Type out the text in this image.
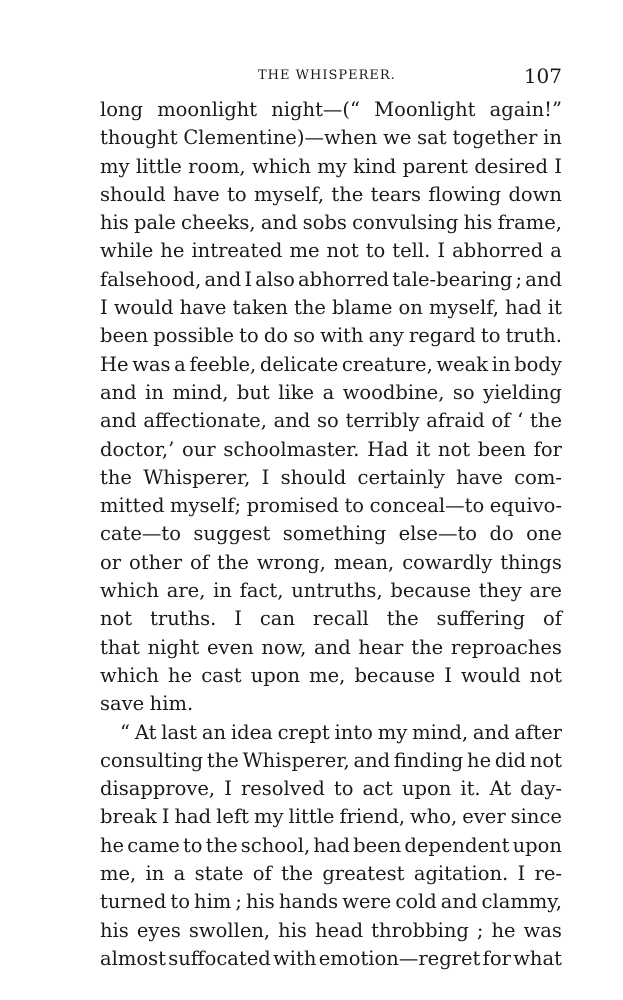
THE WHISPERER.	107
long moonlight night—(“ Moonlight again!”
thought Clementine)—when we sat together in
my little room, which my kind parent desired I
should have to myself, the tears flowing down
his pale cheeks, and sobs convulsing his frame,
while he intreated me not to tell. I abhorred a
falsehood, and I also abhorred tale-bearing ; and
I would have taken the blame on myself, had it
been possible to do so with any regard to truth.
He was a feeble, delicate creature, weak in body
and in mind, but like a woodbine, so yielding
and affectionate, and so terribly afraid of ‘ the
doctor,’ our schoolmaster. Had it not been for
the Whisperer, I should certainly have com-
mitted myself; promised to conceal—to equivo-
cate—to suggest something else—to do one
or other of the wrong, mean, cowardly things
which are, in fact, untruths, because they are
not truths. I can recall the suffering of
that night even now, and hear the reproaches
which he cast upon me, because I would not
save him.
“ At last an idea crept into my mind, and after
consulting the Whisperer, and finding he did not
disapprove, I resolved to act upon it. At day-
break I had left my little friend, who, ever since
he came to the school, had been dependent upon
me, in a state of the greatest agitation. I re-
turned to him ; his hands were cold and clammy,
his eyes swollen, his head throbbing ; he was
almost suffocated with emotion—regret for what
